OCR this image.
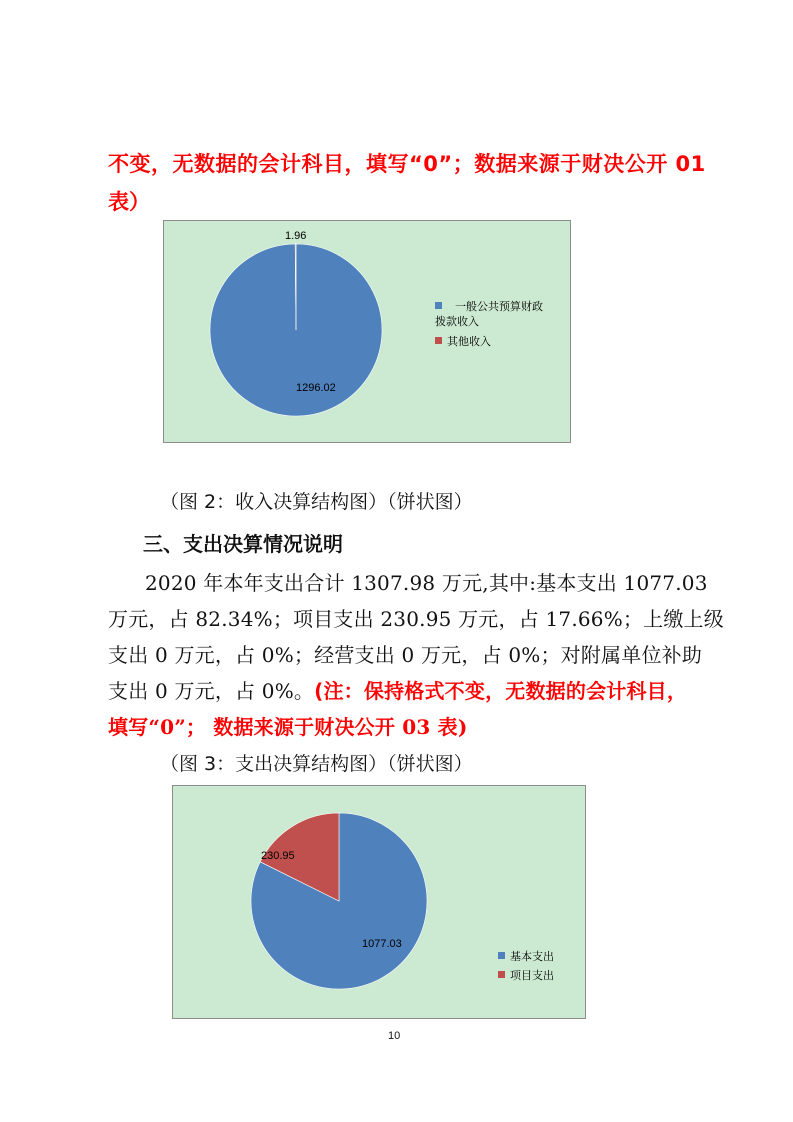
不变，无数据的会计科目，填写“0”；数据来源于财决公开 01
表）
1.96
1296.02
一般公共预算财政
拨款收入
其他收入
（图 2：收入决算结构图）（饼状图）
三、支出决算情况说明
2020 年本年支出合计 1307.98 万元,其中:基本支出 1077.03
万元，占 82.34%；项目支出 230.95 万元，占 17.66%；上缴上级
支出 0 万元，占 0%；经营支出 0 万元，占 0%；对附属单位补助
支出 0 万元，占 0%。(注：保持格式不变，无数据的会计科目，
填写“0”； 数据来源于财决公开 03 表)
（图 3：支出决算结构图）（饼状图）
230.95
1077.03
基本支出
项目支出
10
